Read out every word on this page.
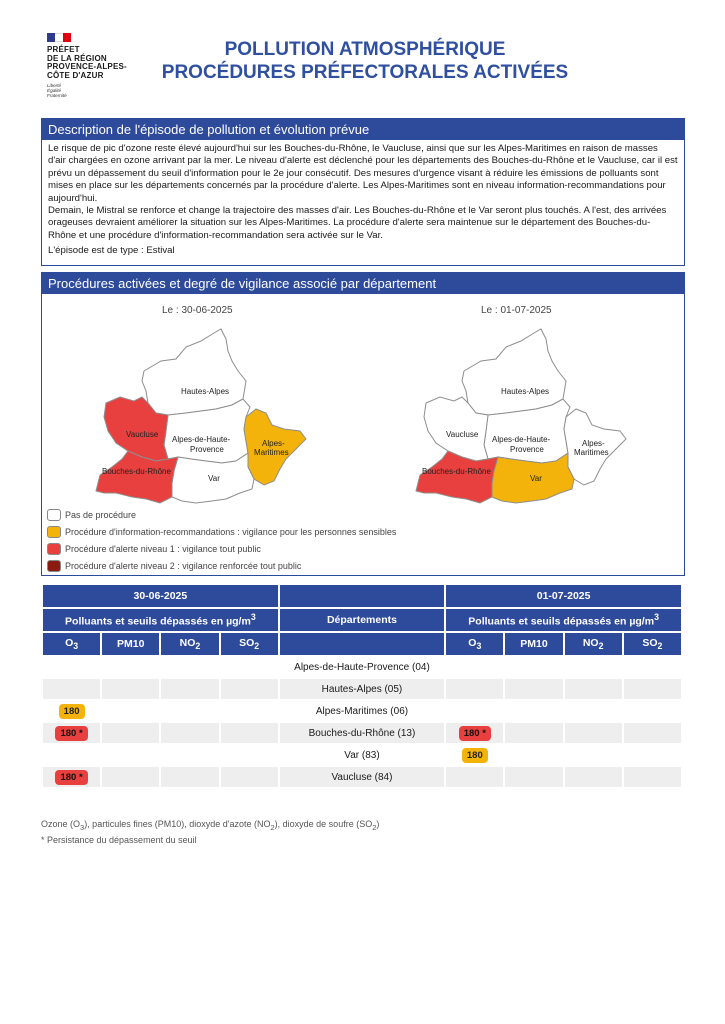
PRÉFET
DE LA RÉGION
PROVENCE-ALPES-
CÔTE D'AZUR
Liberté
Égalité
Fraternité
POLLUTION ATMOSPHÉRIQUE
PROCÉDURES PRÉFECTORALES ACTIVÉES
Description de l'épisode de pollution et évolution prévue

Le risque de pic d'ozone reste élevé aujourd'hui sur les Bouches-du-Rhône, le Vaucluse, ainsi que sur les Alpes-Maritimes en raison de masses d'air chargées en ozone arrivant par la mer. Le niveau d'alerte est déclenché pour les départements des Bouches-du-Rhône et le Vaucluse, car il est prévu un dépassement du seuil d'information pour le 2e jour consécutif. Des mesures d'urgence visant à réduire les émissions de polluants sont mises en place sur les départements concernés par la procédure d'alerte. Les Alpes-Maritimes sont en niveau information-recommandations pour aujourd'hui.

Demain, le Mistral se renforce et change la trajectoire des masses d'air. Les Bouches-du-Rhône et le Var seront plus touchés. A l'est, des arrivées orageuses devraient améliorer la situation sur les Alpes-Maritimes. La procédure d'alerte sera maintenue sur le département des Bouches-du-Rhône et une procédure d'information-recommandation sera activée sur le Var.

L'épisode est de type : Estival
Procédures activées et degré de vigilance associé par département
Le : 30-06-2025	Le : 01-07-2025
Hautes-Alpes
Alpes-de-Haute-
Provence
Alpes-
Maritimes
Vaucluse
Bouches-du-Rhône
Var
Hautes-Alpes
Alpes-de-Haute-
Provence
Alpes-
Maritimes
Vaucluse
Bouches-du-Rhône
Var
Pas de procédure
Procédure d'information-recommandations : vigilance pour les personnes sensibles
Procédure d'alerte niveau 1 : vigilance tout public
Procédure d'alerte niveau 2 : vigilance renforcée tout public
30-06-2025					01-07-2025			
Polluants et seuils dépassés en $\mu g/m^3$				Départements	Polluants et seuils dépassés en $\mu g/m^3$
$O_3$	PM10	$NO_2$	$SO_2$		$O_3$	PM10	$NO_2$	$SO_2$
				Alpes-de-Haute-Provence (04)				
				Hautes-Alpes (05)				
180				Alpes-Maritimes (06)				
180 *				Bouches-du-Rhône (13)	180 *			
				Var (83)	180			
180 *				Vaucluse (84)				
Ozone $(O_3)$, particules fines (PM10), dioxyde d'azote $(NO_2)$, dioxyde de soufre $(SO_2)$
* Persistance du dépassement du seuil
